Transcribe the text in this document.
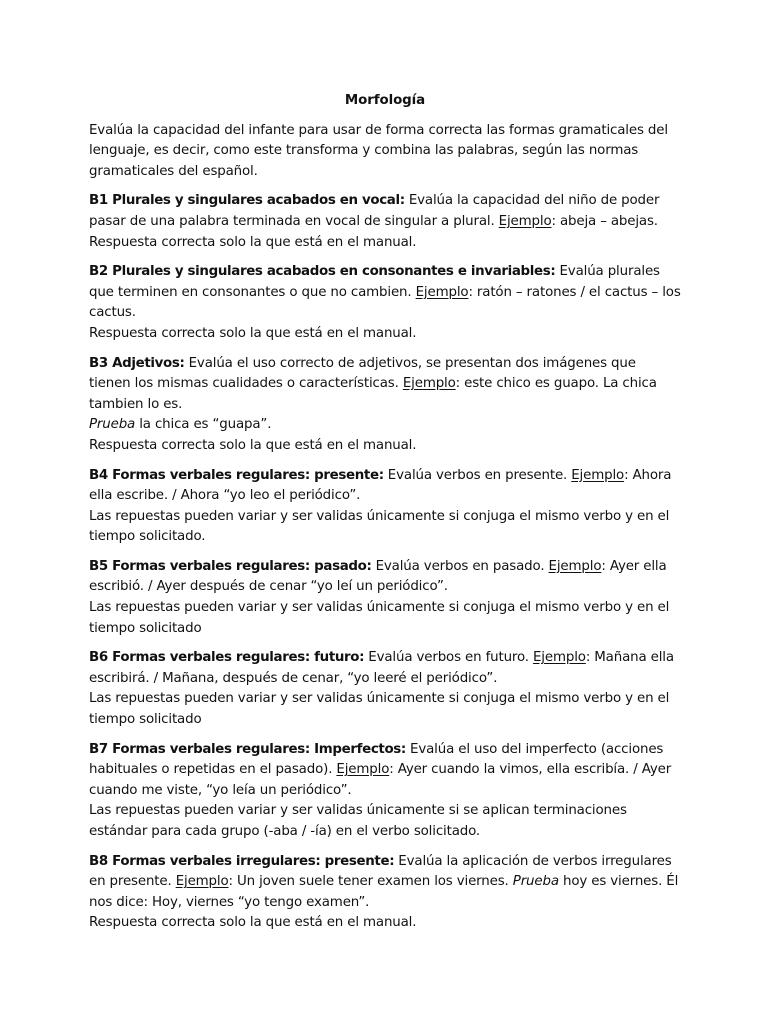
Morfología

Evalúa la capacidad del infante para usar de forma correcta las formas gramaticales del lenguaje, es decir, como este transforma y combina las palabras, según las normas gramaticales del español.

B1 Plurales y singulares acabados en vocal: Evalúa la capacidad del niño de poder pasar de una palabra terminada en vocal de singular a plural. Ejemplo: abeja – abejas.

Respuesta correcta solo la que está en el manual.

B2 Plurales y singulares acabados en consonantes e invariables: Evalúa plurales que terminen en consonantes o que no cambien. Ejemplo: ratón – ratones / el cactus – los cactus.

Respuesta correcta solo la que está en el manual.

B3 Adjetivos: Evalúa el uso correcto de adjetivos, se presentan dos imágenes que tienen los mismas cualidades o características. Ejemplo: este chico es guapo. La chica tambien lo es.
Prueba la chica es “guapa”.

Respuesta correcta solo la que está en el manual.

B4 Formas verbales regulares: presente: Evalúa verbos en presente. Ejemplo: Ahora ella escribe. / Ahora “yo leo el periódico”.

Las repuestas pueden variar y ser validas únicamente si conjuga el mismo verbo y en el tiempo solicitado.

B5 Formas verbales regulares: pasado: Evalúa verbos en pasado. Ejemplo: Ayer ella escribió. / Ayer después de cenar “yo leí un periódico”.

Las repuestas pueden variar y ser validas únicamente si conjuga el mismo verbo y en el tiempo solicitado

B6 Formas verbales regulares: futuro: Evalúa verbos en futuro. Ejemplo: Mañana ella escribirá. / Mañana, después de cenar, “yo leeré el periódico”.

Las repuestas pueden variar y ser validas únicamente si conjuga el mismo verbo y en el tiempo solicitado

B7 Formas verbales regulares: Imperfectos: Evalúa el uso del imperfecto (acciones habituales o repetidas en el pasado). Ejemplo: Ayer cuando la vimos, ella escribía. / Ayer cuando me viste, “yo leía un periódico”.

Las repuestas pueden variar y ser validas únicamente si se aplican terminaciones estándar para cada grupo (-aba / -ía) en el verbo solicitado.

B8 Formas verbales irregulares: presente: Evalúa la aplicación de verbos irregulares en presente. Ejemplo: Un joven suele tener examen los viernes. Prueba hoy es viernes. Él nos dice: Hoy, viernes “yo tengo examen”.

Respuesta correcta solo la que está en el manual.
